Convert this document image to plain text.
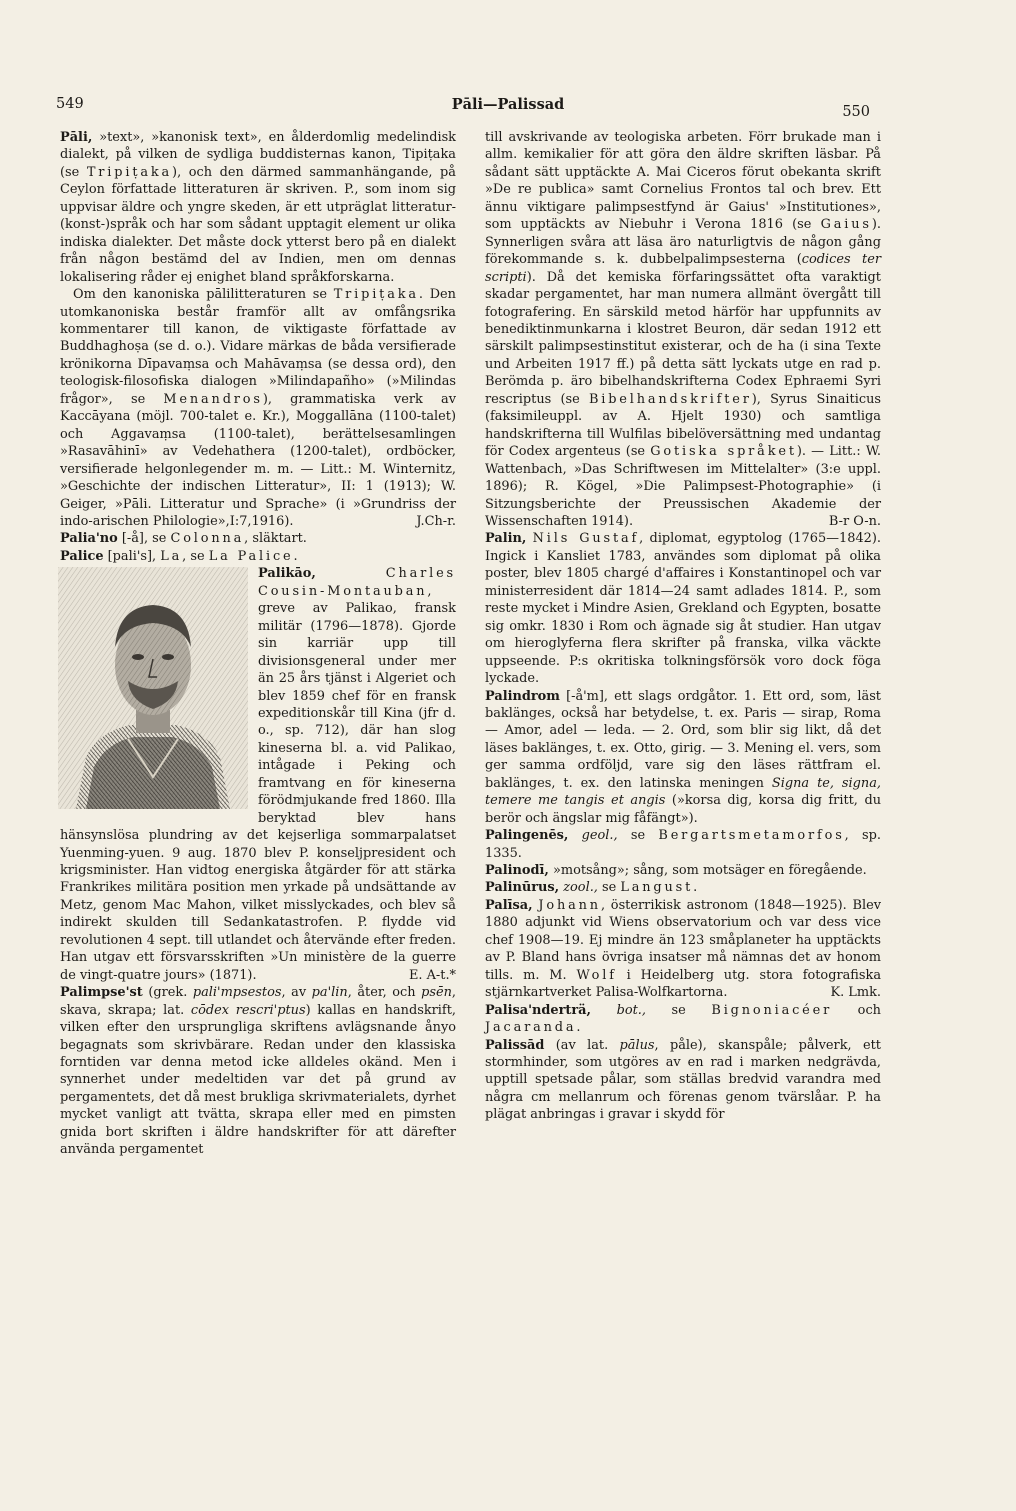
549	Pāli—Palissad	550

Pāli, »text», »kanonisk text», en ålderdomlig medelindisk dialekt, på vilken de sydliga buddisternas kanon, Tipiṭaka (se Tripiṭaka), och den därmed sammanhängande, på Ceylon författade litteraturen är skriven. P., som inom sig uppvisar äldre och yngre skeden, är ett utpräglat litteratur-(konst-)språk och har som sådant upptagit element ur olika indiska dialekter. Det måste dock ytterst bero på en dialekt från någon bestämd del av Indien, men om dennas lokalisering råder ej enighet bland språkforskarna.

Om den kanoniska pālilitteraturen se Tripiṭaka. Den utomkanoniska består framför allt av omfångsrika kommentarer till kanon, de viktigaste författade av Buddhaghoṣa (se d. o.). Vidare märkas de båda versifierade krönikorna Dīpavaṃsa och Mahāvaṃsa (se dessa ord), den teologisk-filosofiska dialogen »Milindapañho» (»Milindas frågor», se Menandros), grammatiska verk av Kaccāyana (möjl. 700-talet e. Kr.), Moggallāna (1100-talet) och Aggavaṃsa (1100-talet), berättelsesamlingen »Rasavāhinī» av Vedehathera (1200-talet), ordböcker, versifierade helgonlegender m. m. — Litt.: M. Winternitz, »Geschichte der indischen Litteratur», II: 1 (1913); W. Geiger, »Pāli. Litteratur und Sprache» (i »Grundriss der indo-arischen Philologie»,I:7,1916).	J.Ch-r.

Palia'no [-å], se Colonna, släktart.

Palice [pali's], La, se La Palice.

Palikāo,	Charles Cousin-Montauban, greve av Palikao, fransk militär (1796—1878). Gjorde sin karriär upp till divisionsgeneral under mer än 25 års tjänst i Algeriet och blev 1859 chef för en fransk expeditionskår till Kina (jfr d. o., sp. 712), där han slog kineserna bl. a. vid Palikao, intågade i Peking och framtvang en för kineserna förödmjukande fred 1860. Illa beryktad blev hans hänsynslösa plundring av det kejserliga sommarpalatset Yuenming-yuen. 9 aug. 1870 blev P. konseljpresident och krigsminister. Han vidtog energiska åtgärder för att stärka Frankrikes militära position men yrkade på undsättande av Metz, genom Mac Mahon, vilket misslyckades, och blev så indirekt skulden till Sedankatastrofen. P. flydde vid revolutionen 4 sept. till utlandet och återvände efter freden. Han utgav ett försvarsskriften »Un ministère de la guerre de vingt-quatre jours» (1871).	E. A-t.*

Palimpse'st (grek. pali'mpsestos, av pa'lin, åter, och psēn, skava, skrapa; lat. cōdex rescri'ptus) kallas en handskrift, vilken efter den ursprungliga skriftens avlägsnande ånyo begagnats som skrivbärare. Redan under den klassiska forntiden var denna metod icke alldeles okänd. Men i synnerhet under medeltiden var det på grund av pergamentets, det då mest brukliga skrivmaterialets, dyrhet mycket vanligt att tvätta, skrapa eller med en pimsten gnida bort skriften i äldre handskrifter för att därefter använda pergamentet

till avskrivande av teologiska arbeten. Förr brukade man i allm. kemikalier för att göra den äldre skriften läsbar. På sådant sätt upptäckte A. Mai Ciceros förut obekanta skrift »De re publica» samt Cornelius Frontos tal och brev. Ett ännu viktigare palimpsestfynd är Gaius' »Institutiones», som upptäckts av Niebuhr i Verona 1816 (se Gaius). Synnerligen svåra att läsa äro naturligtvis de någon gång förekommande s. k. dubbelpalimpsesterna (codices ter scripti). Då det kemiska förfaringssättet ofta varaktigt skadar pergamentet, har man numera allmänt övergått till fotografering. En särskild metod härför har uppfunnits av benediktinmunkarna i klostret Beuron, där sedan 1912 ett särskilt palimpsestinstitut existerar, och de ha (i sina Texte und Arbeiten 1917 ff.) på detta sätt lyckats utge en rad p. Berömda p. äro bibelhandskrifterna Codex Ephraemi Syri rescriptus (se Bibelhandskrifter), Syrus Sinaiticus (faksimileuppl. av A. Hjelt 1930) och samtliga handskrifterna till Wulfilas bibelöversättning med undantag för Codex argenteus (se Gotiska språket). — Litt.: W. Wattenbach, »Das Schriftwesen im Mittelalter» (3:e uppl. 1896); R. Kögel, »Die Palimpsest-Photographie» (i Sitzungsberichte der Preussischen Akademie der Wissenschaften 1914).	B-r O-n.

Palin, Nils Gustaf, diplomat, egyptolog (1765—1842). Ingick i Kansliet 1783, användes som diplomat på olika poster, blev 1805 chargé d'affaires i Konstantinopel och var ministerresident där 1814—24 samt adlades 1814. P., som reste mycket i Mindre Asien, Grekland och Egypten, bosatte sig omkr. 1830 i Rom och ägnade sig åt studier. Han utgav om hieroglyferna flera skrifter på franska, vilka väckte uppseende. P:s okritiska tolkningsförsök voro dock föga lyckade.

Palindrom [-å'm], ett slags ordgåtor. 1. Ett ord, som, läst baklänges, också har betydelse, t. ex. Paris — sirap, Roma — Amor, adel — leda. — 2. Ord, som blir sig likt, då det läses baklänges, t. ex. Otto, girig. — 3. Mening el. vers, som ger samma ordföljd, vare sig den läses rättfram el. baklänges, t. ex. den latinska meningen Signa te, signa, temere me tangis et angis (»korsa dig, korsa dig fritt, du berör och ängslar mig fåfängt»).

Palingenēs, geol., se Bergartsmetamorfos, sp. 1335.

Palinodī, »motsång»; sång, som motsäger en föregående.

Palinūrus, zool., se Langust.

Palīsa, Johann, österrikisk astronom (1848—1925). Blev 1880 adjunkt vid Wiens observatorium och var dess vice chef 1908—19. Ej mindre än 123 småplaneter ha upptäckts av P. Bland hans övriga insatser må nämnas det av honom tills. m. M. Wolf i Heidelberg utg. stora fotografiska stjärnkartverket Palisa-Wolfkartorna.	K. Lmk.

Palisa'nderträ, bot., se Bignoniacéer och Jacaranda.

Palissād (av lat. pālus, påle), skanspåle; pålverk, ett stormhinder, som utgöres av en rad i marken nedgrävda, upptill spetsade pålar, som ställas bredvid varandra med några cm mellanrum och förenas genom tvärslåar. P. ha plägat anbringas i gravar i skydd för
